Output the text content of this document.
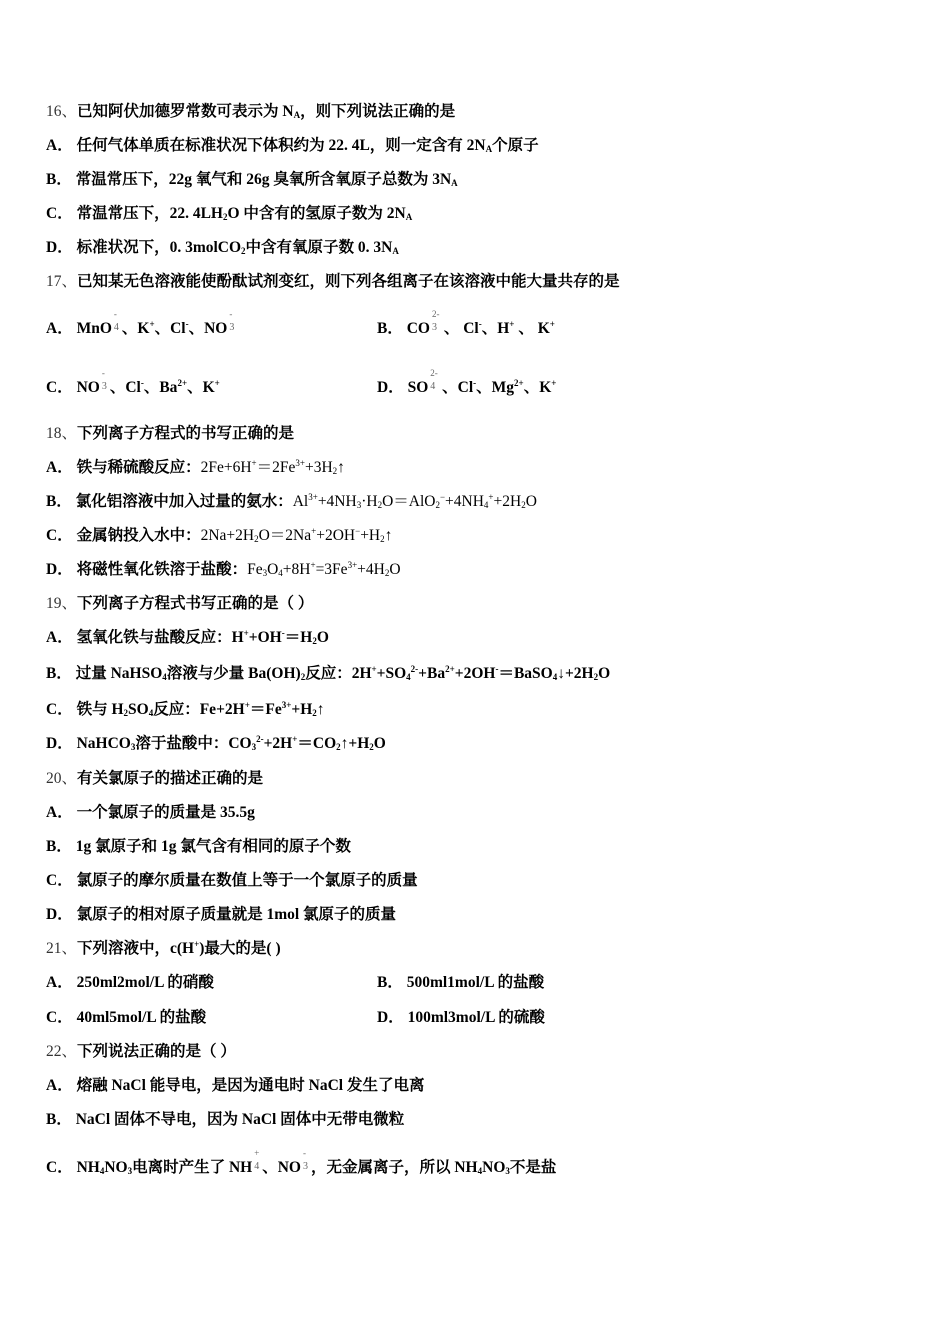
16、已知阿伏加德罗常数可表示为 $N_A$，则下列说法正确的是
A． 任何气体单质在标准状况下体积约为 22. 4L，则一定含有 $2N_A$个原子
B． 常温常压下，22g 氧气和 26g 臭氧所含氧原子总数为 $3N_A$
C． 常温常压下，22. $4LH_2O$ 中含有的氢原子数为 $2N_A$
D． 标准状况下，0. 3molCO$_2$中含有氧原子数 0. $3N_A$
17、已知某无色溶液能使酚酞试剂变红，则下列各组离子在该溶液中能大量共存的是
A． MnO
-
$^4$ 、K+、Cl-、NO
-
$^3$	B． CO
2-
$^3$ 、 Cl-、H+ 、 K+
C． NO
-
$^3$ 、Cl-、$Ba^{2+}$、K+	D． SO
2-
$^4$ 、Cl-、$Mg^{2+}$、K+
18、下列离子方程式的书写正确的是
A． 铁与稀硫酸反应：$2Fe+6H^+=2Fe^{3+}+3H_2↑$
B． 氯化铝溶液中加入过量的氨水：$Al^{3+}+4NH_3\cdot H_2O=AlO_2^-+4NH_4^++2H_2O$
C． 金属钠投入水中：$2Na+2H_2O=2Na^++2OH^-+H_2↑$
D． 将磁性氧化铁溶于盐酸：$Fe_3O_4+8H^+=3Fe^{3+}+4H_2O$
19、下列离子方程式书写正确的是（ ）
A． 氢氧化铁与盐酸反应：$H^++OH^-=H_2O$
B． 过量 NaHSO$_4$溶液与少量 $Ba(OH)_2$反应：$2H^++SO_4^{2-}+Ba^{2+}+2OH^-=BaSO_4↓+2H_2O$
C． 铁与 $H_2SO_4$反应：$Fe+2H^+=Fe^{3+}+H_2↑$
D． NaHCO$_3$溶于盐酸中：$CO_3^{2-}+2H^+=CO_2↑+H_2O$
20、有关氯原子的描述正确的是
A． 一个氯原子的质量是 35.5g
B． 1g 氯原子和 1g 氯气含有相同的原子个数
C． 氯原子的摩尔质量在数值上等于一个氯原子的质量
D． 氯原子的相对原子质量就是 1mol 氯原子的质量
21、下列溶液中，c(H+)最大的是( )
A． 250ml2mol/L 的硝酸	B． 500ml1mol/L 的盐酸
C． 40ml5mol/L 的盐酸	D． 100ml3mol/L 的硫酸
22、下列说法正确的是（ ）
A． 熔融 NaCl 能导电，是因为通电时 NaCl 发生了电离
B． NaCl 固体不导电，因为 NaCl 固体中无带电微粒
C． $NH_4NO_3$电离时产生了 NH
+
$^4$ 、NO
-
$^3$ ，无金属离子，所以 $NH_4NO_3$不是盐
